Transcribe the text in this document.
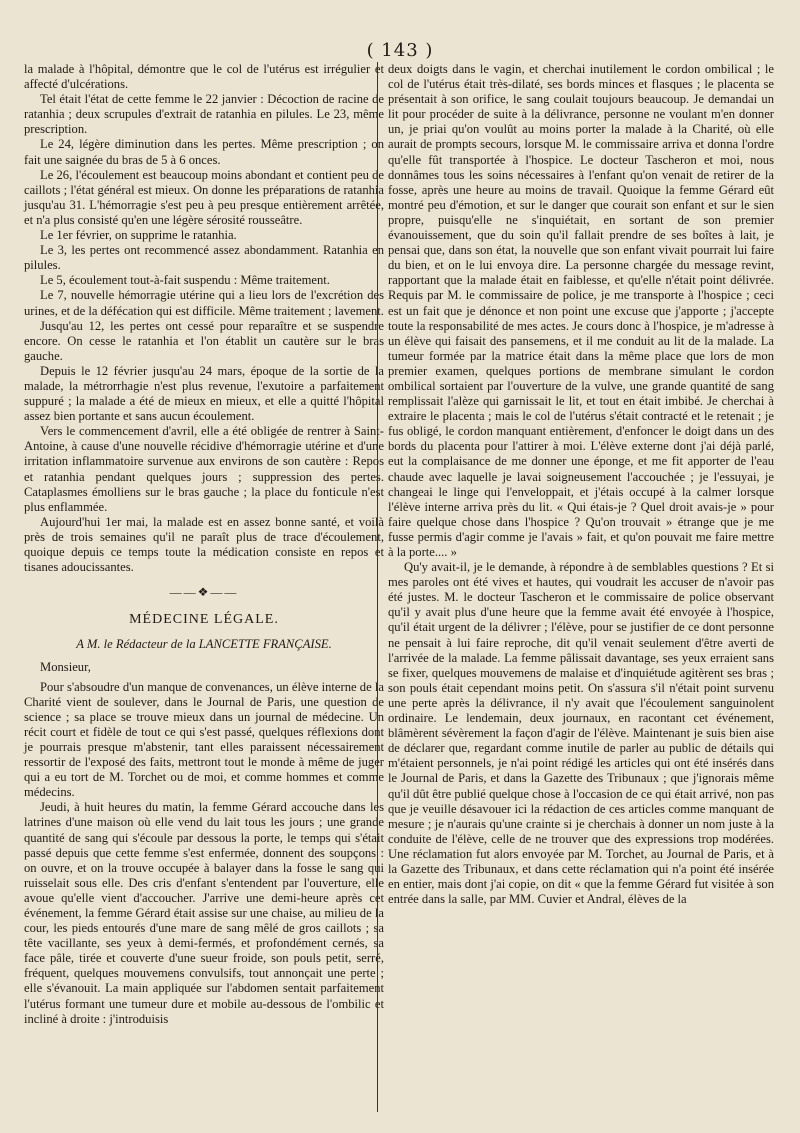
( 143 )

la malade à l'hôpital, démontre que le col de l'utérus est irrégulier et affecté d'ulcérations.

Tel était l'état de cette femme le 22 janvier : Décoction de racine de ratanhia ; deux scrupules d'extrait de ratanhia en pilules. Le 23, même prescription.

Le 24, légère diminution dans les pertes. Même prescription ; on fait une saignée du bras de 5 à 6 onces.

Le 26, l'écoulement est beaucoup moins abondant et contient peu de caillots ; l'état général est mieux. On donne les préparations de ratanhia jusqu'au 31. L'hémorragie s'est peu à peu presque entièrement arrêtée, et n'a plus consisté qu'en une légère sérosité rousseâtre.

Le 1er février, on supprime le ratanhia.

Le 3, les pertes ont recommencé assez abondamment. Ratanhia en pilules.

Le 5, écoulement tout-à-fait suspendu : Même traitement.

Le 7, nouvelle hémorragie utérine qui a lieu lors de l'excrétion des urines, et de la défécation qui est difficile. Même traitement ; lavement.

Jusqu'au 12, les pertes ont cessé pour reparaître et se suspendre encore. On cesse le ratanhia et l'on établit un cautère sur le bras gauche.

Depuis le 12 février jusqu'au 24 mars, époque de la sortie de la malade, la métrorrhagie n'est plus revenue, l'exutoire a parfaitement suppuré ; la malade a été de mieux en mieux, et elle a quitté l'hôpital assez bien portante et sans aucun écoulement.

Vers le commencement d'avril, elle a été obligée de rentrer à Saint-Antoine, à cause d'une nouvelle récidive d'hémorragie utérine et d'une irritation inflammatoire survenue aux environs de son cautère : Repos et ratanhia pendant quelques jours ; suppression des pertes. Cataplasmes émolliens sur le bras gauche ; la place du fonticule n'est plus enflammée.

Aujourd'hui 1er mai, la malade est en assez bonne santé, et voilà près de trois semaines qu'il ne paraît plus de trace d'écoulement, quoique depuis ce temps toute la médication consiste en repos et tisanes adoucissantes.

——❖——
MÉDECINE LÉGALE.
A M. le Rédacteur de la LANCETTE FRANÇAISE.

Monsieur,

Pour s'absoudre d'un manque de convenances, un élève interne de la Charité vient de soulever, dans le Journal de Paris, une question de science ; sa place se trouve mieux dans un journal de médecine. Un récit court et fidèle de tout ce qui s'est passé, quelques réflexions dont je pourrais presque m'abstenir, tant elles paraissent nécessairement ressortir de l'exposé des faits, mettront tout le monde à même de juger qui a eu tort de M. Torchet ou de moi, et comme hommes et comme médecins.

Jeudi, à huit heures du matin, la femme Gérard accouche dans les latrines d'une maison où elle vend du lait tous les jours ; une grande quantité de sang qui s'écoule par dessous la porte, le temps qui s'était passé depuis que cette femme s'est enfermée, donnent des soupçons : on ouvre, et on la trouve occupée à balayer dans la fosse le sang qui ruisselait sous elle. Des cris d'enfant s'entendent par l'ouverture, elle avoue qu'elle vient d'accoucher. J'arrive une demi-heure après cet événement, la femme Gérard était assise sur une chaise, au milieu de la cour, les pieds entourés d'une mare de sang mêlé de gros caillots ; sa tête vacillante, ses yeux à demi-fermés, et profondément cernés, sa face pâle, tirée et couverte d'une sueur froide, son pouls petit, serré, fréquent, quelques mouvemens convulsifs, tout annonçait une perte ; elle s'évanouit. La main appliquée sur l'abdomen sentait parfaitement l'utérus formant une tumeur dure et mobile au-dessous de l'ombilic et incliné à droite : j'introduisis

deux doigts dans le vagin, et cherchai inutilement le cordon ombilical ; le col de l'utérus était très-dilaté, ses bords minces et flasques ; le placenta se présentait à son orifice, le sang coulait toujours beaucoup. Je demandai un lit pour procéder de suite à la délivrance, personne ne voulant m'en donner un, je priai qu'on voulût au moins porter la malade à la Charité, où elle aurait de prompts secours, lorsque M. le commissaire arriva et donna l'ordre qu'elle fût transportée à l'hospice. Le docteur Tascheron et moi, nous donnâmes tous les soins nécessaires à l'enfant qu'on venait de retirer de la fosse, après une heure au moins de travail. Quoique la femme Gérard eût montré peu d'émotion, et sur le danger que courait son enfant et sur le sien propre, puisqu'elle ne s'inquiétait, en sortant de son premier évanouissement, que du soin qu'il fallait prendre de ses boîtes à lait, je pensai que, dans son état, la nouvelle que son enfant vivait pourrait lui faire du bien, et on le lui envoya dire. La personne chargée du message revint, rapportant que la malade était en faiblesse, et qu'elle n'était point délivrée. Requis par M. le commissaire de police, je me transporte à l'hospice ; ceci est un fait que je dénonce et non point une excuse que j'apporte ; j'accepte toute la responsabilité de mes actes. Je cours donc à l'hospice, je m'adresse à un élève qui faisait des pansemens, et il me conduit au lit de la malade. La tumeur formée par la matrice était dans la même place que lors de mon premier examen, quelques portions de membrane simulant le cordon ombilical sortaient par l'ouverture de la vulve, une grande quantité de sang remplissait l'alèze qui garnissait le lit, et tout en était imbibé. Je cherchai à extraire le placenta ; mais le col de l'utérus s'était contracté et le retenait ; je fus obligé, le cordon manquant entièrement, d'enfoncer le doigt dans un des bords du placenta pour l'attirer à moi. L'élève externe dont j'ai déjà parlé, eut la complaisance de me donner une éponge, et me fit apporter de l'eau chaude avec laquelle je lavai soigneusement l'accouchée ; je l'essuyai, je changeai le linge qui l'enveloppait, et j'étais occupé à la calmer lorsque l'élève interne arriva près du lit. « Qui étais-je ? Quel droit avais-je » pour faire quelque chose dans l'hospice ? Qu'on trouvait » étrange que je me fusse permis d'agir comme je l'avais » fait, et qu'on pouvait me faire mettre à la porte.... »

Qu'y avait-il, je le demande, à répondre à de semblables questions ? Et si mes paroles ont été vives et hautes, qui voudrait les accuser de n'avoir pas été justes. M. le docteur Tascheron et le commissaire de police observant qu'il y avait plus d'une heure que la femme avait été envoyée à l'hospice, qu'il était urgent de la délivrer ; l'élève, pour se justifier de ce dont personne ne pensait à lui faire reproche, dit qu'il venait seulement d'être averti de l'arrivée de la malade. La femme pâlissait davantage, ses yeux erraient sans se fixer, quelques mouvemens de malaise et d'inquiétude agitèrent ses bras ; son pouls était cependant moins petit. On s'assura s'il n'était point survenu une perte après la délivrance, il n'y avait que l'écoulement sanguinolent ordinaire. Le lendemain, deux journaux, en racontant cet événement, blâmèrent sévèrement la façon d'agir de l'élève. Maintenant je suis bien aise de déclarer que, regardant comme inutile de parler au public de détails qui m'étaient personnels, je n'ai point rédigé les articles qui ont été insérés dans le Journal de Paris, et dans la Gazette des Tribunaux ; que j'ignorais même qu'il dût être publié quelque chose à l'occasion de ce qui était arrivé, non pas que je veuille désavouer ici la rédaction de ces articles comme manquant de mesure ; je n'aurais qu'une crainte si je cherchais à donner un nom juste à la conduite de l'élève, celle de ne trouver que des expressions trop modérées. Une réclamation fut alors envoyée par M. Torchet, au Journal de Paris, et à la Gazette des Tribunaux, et dans cette réclamation qui n'a point été insérée en entier, mais dont j'ai copie, on dit « que la femme Gérard fut visitée à son entrée dans la salle, par MM. Cuvier et Andral, élèves de la
